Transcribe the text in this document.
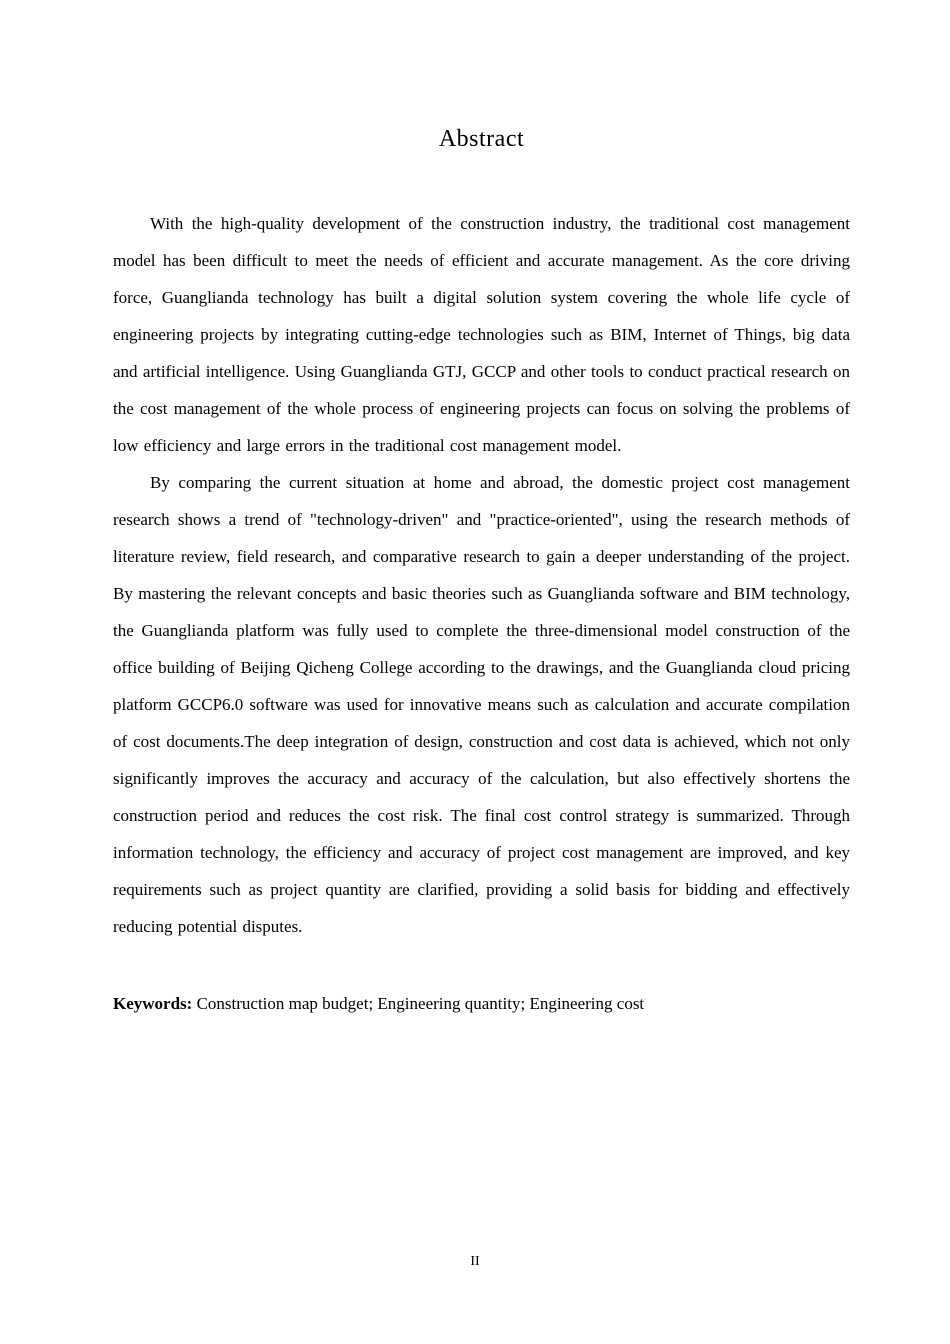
Abstract

With the high-quality development of the construction industry, the traditional cost management model has been difficult to meet the needs of efficient and accurate management. As the core driving force, Guanglianda technology has built a digital solution system covering the whole life cycle of engineering projects by integrating cutting-edge technologies such as BIM, Internet of Things, big data and artificial intelligence. Using Guanglianda GTJ, GCCP and other tools to conduct practical research on the cost management of the whole process of engineering projects can focus on solving the problems of low efficiency and large errors in the traditional cost management model.

By comparing the current situation at home and abroad, the domestic project cost management research shows a trend of "technology-driven" and "practice-oriented", using the research methods of literature review, field research, and comparative research to gain a deeper understanding of the project. By mastering the relevant concepts and basic theories such as Guanglianda software and BIM technology, the Guanglianda platform was fully used to complete the three-dimensional model construction of the office building of Beijing Qicheng College according to the drawings, and the Guanglianda cloud pricing platform GCCP6.0 software was used for innovative means such as calculation and accurate compilation of cost documents.The deep integration of design, construction and cost data is achieved, which not only significantly improves the accuracy and accuracy of the calculation, but also effectively shortens the construction period and reduces the cost risk. The final cost control strategy is summarized. Through information technology, the efficiency and accuracy of project cost management are improved, and key requirements such as project quantity are clarified, providing a solid basis for bidding and effectively reducing potential disputes.

Keywords: Construction map budget; Engineering quantity; Engineering cost

II
